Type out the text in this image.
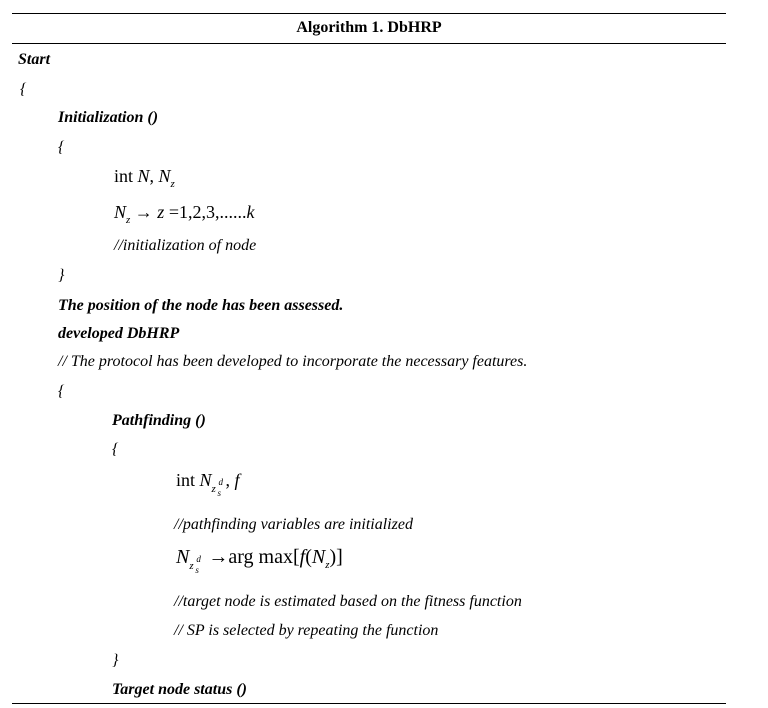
Algorithm 1. DbHRP
Start
{
Initialization ()
{
int N, $N_z$
$N_z \to z =1,2,3,......k$
//initialization of node
}
The position of the node has been assessed.
developed DbHRP
// The protocol has been developed to incorporate the necessary features.
{
Pathfinding ()
{
int N z
d
s
, f
//pathfinding variables are initialized
N z
d
s
→arg $\max[f(N_z)]$
//target node is estimated based on the fitness function
// SP is selected by repeating the function
}
Target node status ()
